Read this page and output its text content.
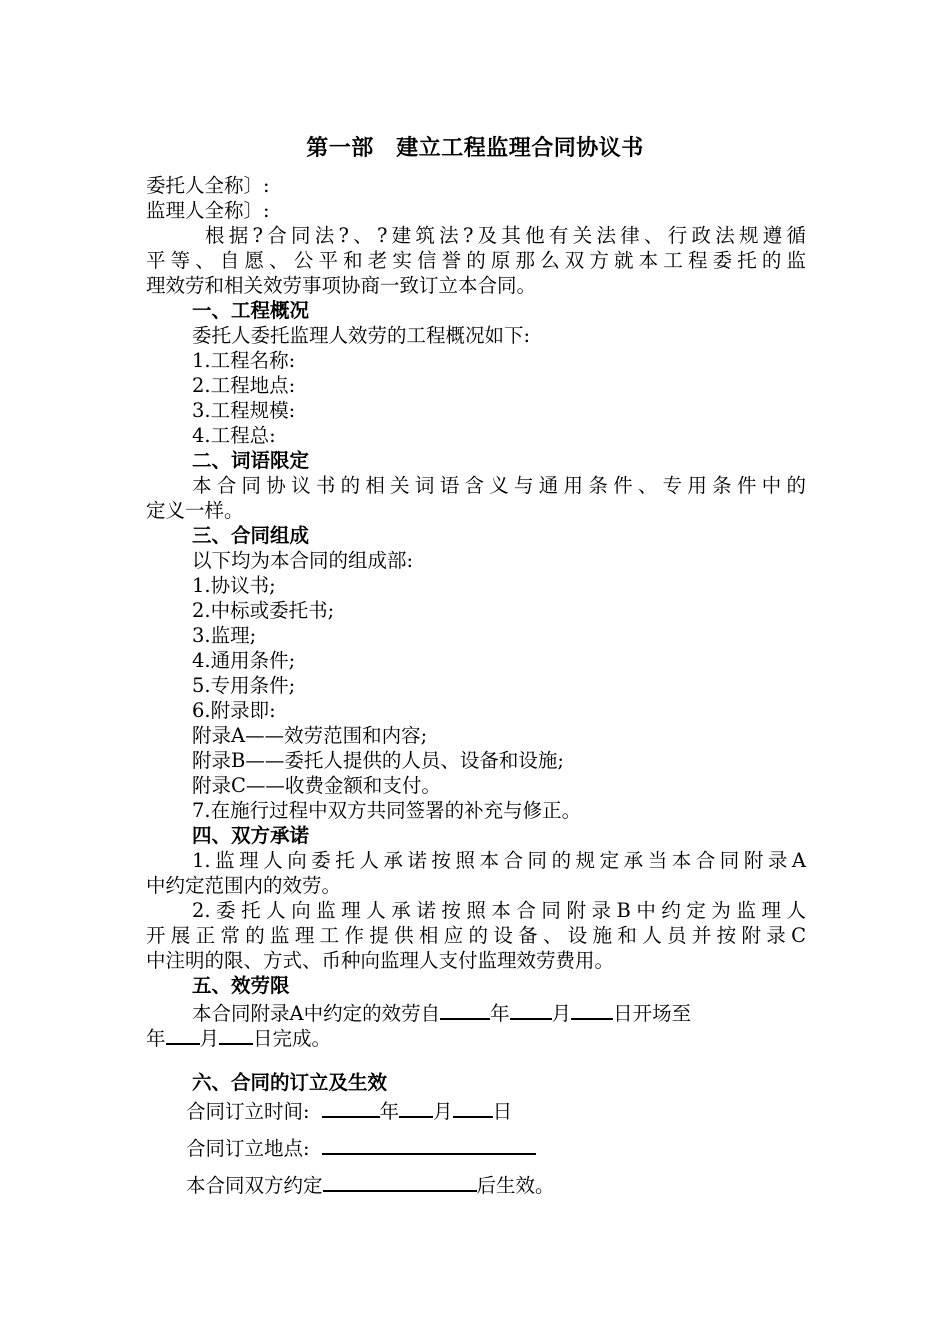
第一部　建立工程监理合同协议书
委托人全称〕:
监理人全称〕:
根据?合同法?、?建筑法?及其他有关法律、行政法规遵循
平等、自愿、公平和老实信誉的原那么双方就本工程委托的监
理效劳和相关效劳事项协商一致订立本合同。
一、工程概况
委托人委托监理人效劳的工程概况如下:
1.工程名称:
2.工程地点:
3.工程规模:
4.工程总:
二、词语限定
本合同协议书的相关词语含义与通用条件、专用条件中的
定义一样。
三、合同组成
以下均为本合同的组成部:
1.协议书;
2.中标或委托书;
3.监理;
4.通用条件;
5.专用条件;
6.附录即:
附录A——效劳范围和内容;
附录B——委托人提供的人员、设备和设施;
附录C——收费金额和支付。
7.在施行过程中双方共同签署的补充与修正。
四、双方承诺
1.监理人向委托人承诺按照本合同的规定承当本合同附录A
中约定范围内的效劳。
2.委托人向监理人承诺按照本合同附录B中约定为监理人
开展正常的监理工作提供相应的设备、设施和人员并按附录C
中注明的限、方式、币种向监理人支付监理效劳费用。
五、效劳限
本合同附录A中约定的效劳自	年 月 日开场至
年 月 日完成。
六、合同的订立及生效
合同订立时间:	年 月 日
合同订立地点:
本合同双方约定	后生效。
